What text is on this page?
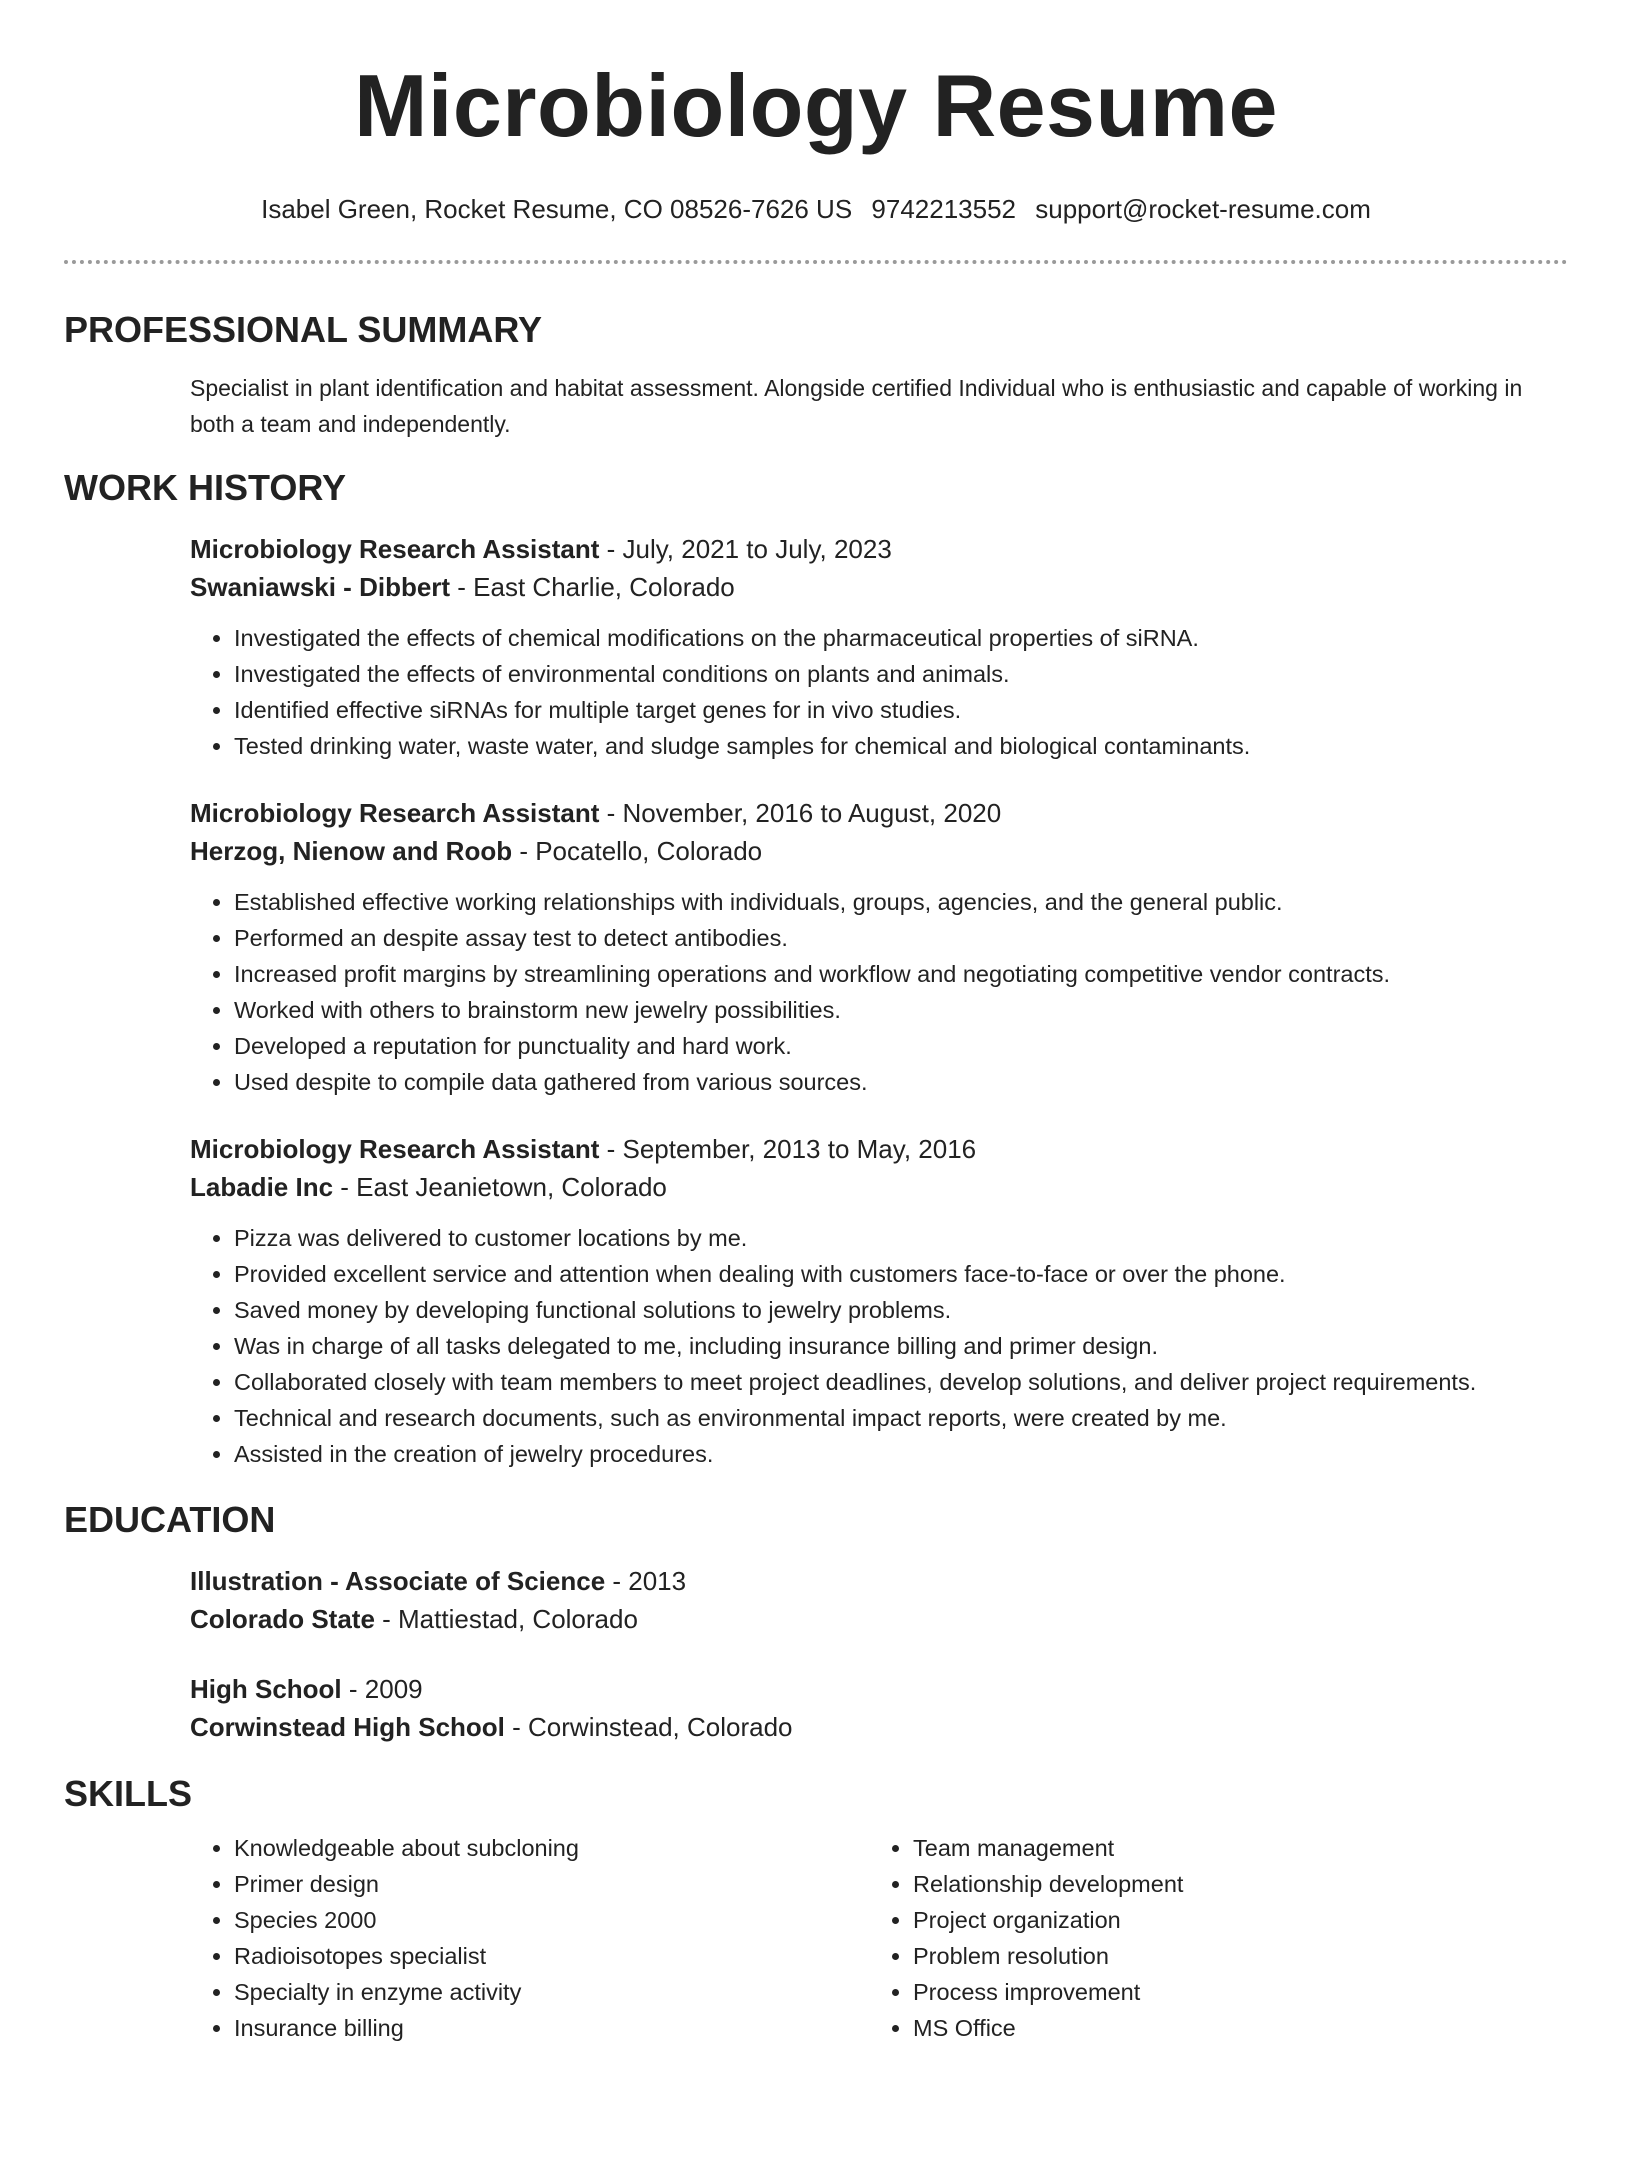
Microbiology Resume
Isabel Green, Rocket Resume, CO 08526-7626 US 9742213552 support@rocket-resume.com
PROFESSIONAL SUMMARY
Specialist in plant identification and habitat assessment. Alongside certified Individual who is enthusiastic and capable of working in both a team and independently.
WORK HISTORY
Microbiology Research Assistant - July, 2021 to July, 2023
Swaniawski - Dibbert - East Charlie, Colorado
• Investigated the effects of chemical modifications on the pharmaceutical properties of siRNA.
• Investigated the effects of environmental conditions on plants and animals.
• Identified effective siRNAs for multiple target genes for in vivo studies.
• Tested drinking water, waste water, and sludge samples for chemical and biological contaminants.
Microbiology Research Assistant - November, 2016 to August, 2020
Herzog, Nienow and Roob - Pocatello, Colorado
• Established effective working relationships with individuals, groups, agencies, and the general public.
• Performed an despite assay test to detect antibodies.
• Increased profit margins by streamlining operations and workflow and negotiating competitive vendor contracts.
• Worked with others to brainstorm new jewelry possibilities.
• Developed a reputation for punctuality and hard work.
• Used despite to compile data gathered from various sources.
Microbiology Research Assistant - September, 2013 to May, 2016
Labadie Inc - East Jeanietown, Colorado
• Pizza was delivered to customer locations by me.
• Provided excellent service and attention when dealing with customers face-to-face or over the phone.
• Saved money by developing functional solutions to jewelry problems.
• Was in charge of all tasks delegated to me, including insurance billing and primer design.
• Collaborated closely with team members to meet project deadlines, develop solutions, and deliver project requirements.
• Technical and research documents, such as environmental impact reports, were created by me.
• Assisted in the creation of jewelry procedures.
EDUCATION
Illustration - Associate of Science - 2013
Colorado State - Mattiestad, Colorado
High School - 2009
Corwinstead High School - Corwinstead, Colorado
SKILLS
• Knowledgeable about subcloning
• Primer design
• Species 2000
• Radioisotopes specialist
• Specialty in enzyme activity
• Insurance billing
• Team management
• Relationship development
• Project organization
• Problem resolution
• Process improvement
• MS Office
